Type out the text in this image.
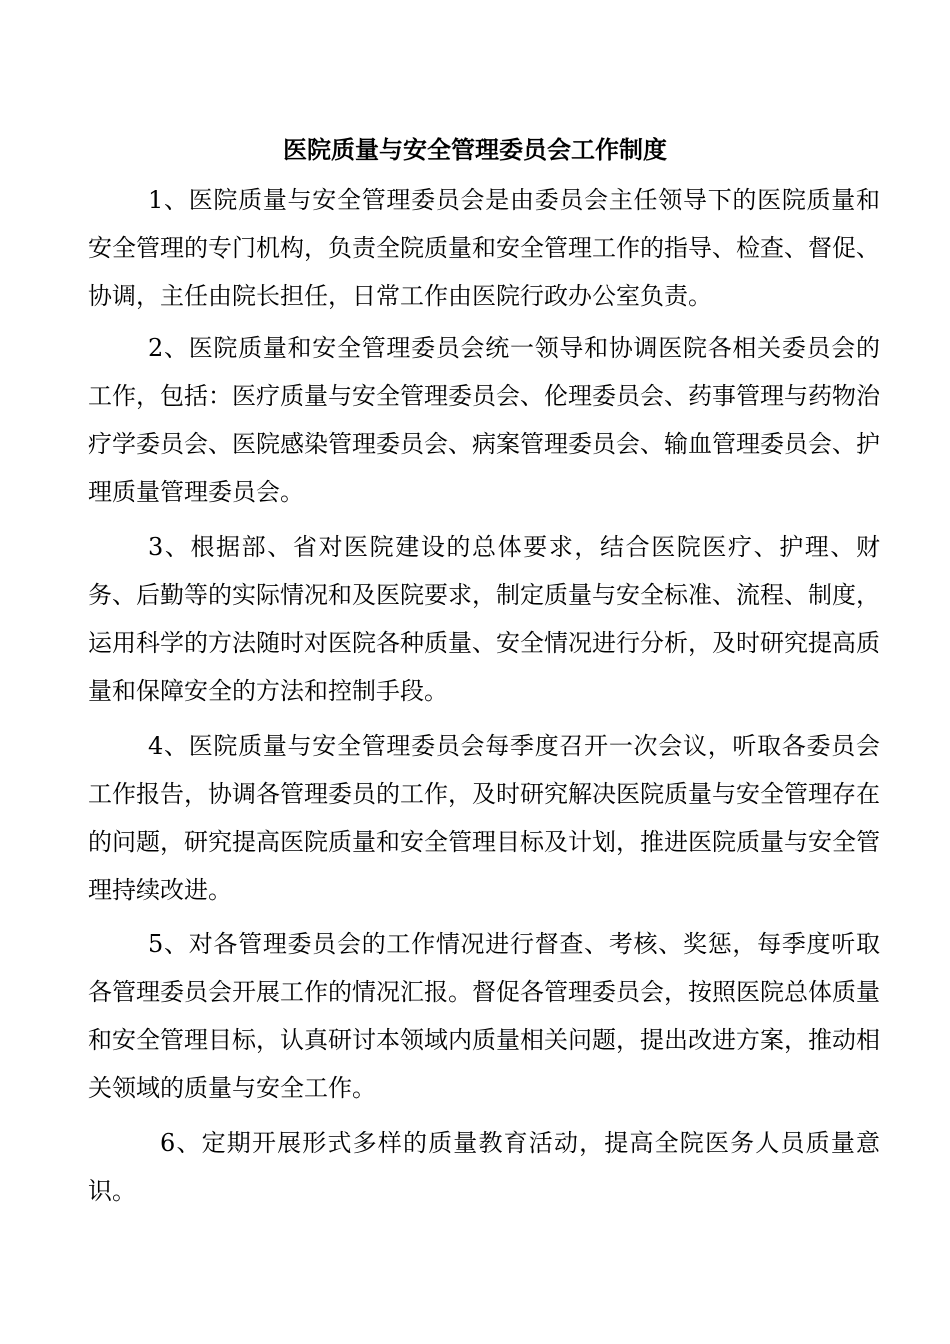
医院质量与安全管理委员会工作制度

1、医院质量与安全管理委员会是由委员会主任领导下的医院质量和安全管理的专门机构，负责全院质量和安全管理工作的指导、检查、督促、协调，主任由院长担任，日常工作由医院行政办公室负责。

2、医院质量和安全管理委员会统一领导和协调医院各相关委员会的工作，包括：医疗质量与安全管理委员会、伦理委员会、药事管理与药物治疗学委员会、医院感染管理委员会、病案管理委员会、输血管理委员会、护理质量管理委员会。

3、根据部、省对医院建设的总体要求，结合医院医疗、护理、财务、后勤等的实际情况和及医院要求，制定质量与安全标准、流程、制度，运用科学的方法随时对医院各种质量、安全情况进行分析，及时研究提高质量和保障安全的方法和控制手段。

4、医院质量与安全管理委员会每季度召开一次会议，听取各委员会工作报告，协调各管理委员的工作，及时研究解决医院质量与安全管理存在的问题，研究提高医院质量和安全管理目标及计划，推进医院质量与安全管理持续改进。

5、对各管理委员会的工作情况进行督查、考核、奖惩，每季度听取各管理委员会开展工作的情况汇报。督促各管理委员会，按照医院总体质量和安全管理目标，认真研讨本领域内质量相关问题，提出改进方案，推动相关领域的质量与安全工作。

6、定期开展形式多样的质量教育活动，提高全院医务人员质量意识。
